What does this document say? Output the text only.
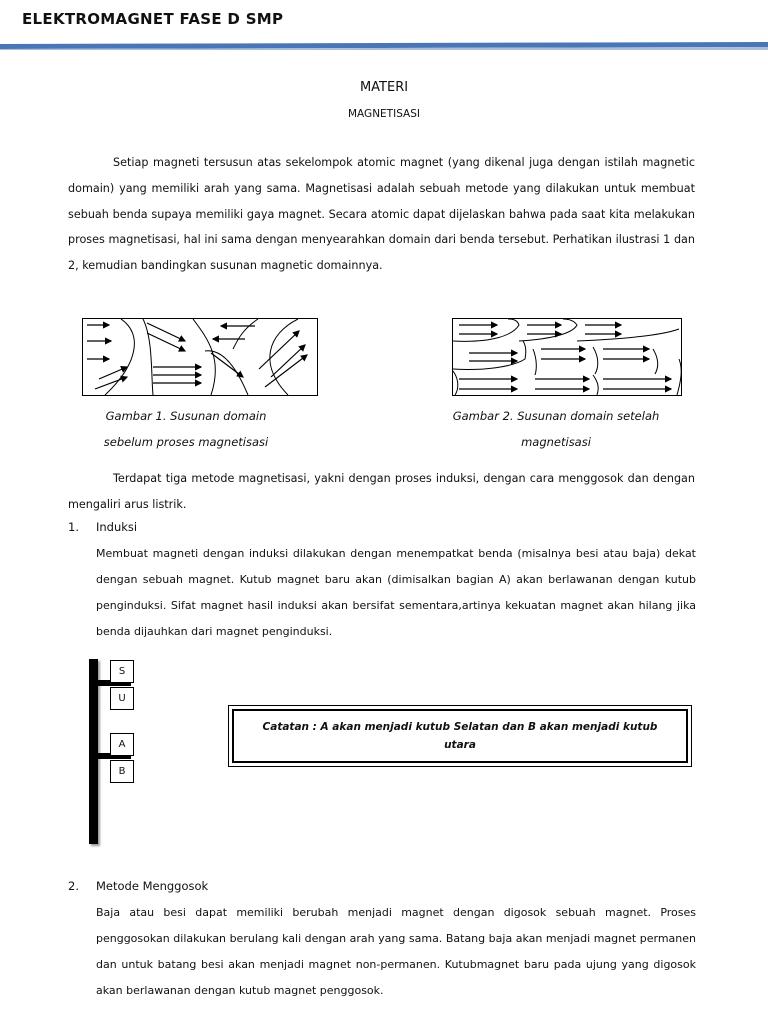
ELEKTROMAGNET FASE D SMP
MATERI
MAGNETISASI

Setiap magneti tersusun atas sekelompok atomic magnet (yang dikenal juga dengan istilah magnetic domain) yang memiliki arah yang sama. Magnetisasi adalah sebuah metode yang dilakukan untuk membuat sebuah benda supaya memiliki gaya magnet. Secara atomic dapat dijelaskan bahwa pada saat kita melakukan proses magnetisasi, hal ini sama dengan menyearahkan domain dari benda tersebut. Perhatikan ilustrasi 1 dan 2, kemudian bandingkan susunan magnetic domainnya.

Gambar 1. Susunan domain
sebelum proses magnetisasi
Gambar 2. Susunan domain setelah
magnetisasi

Terdapat tiga metode magnetisasi, yakni dengan proses induksi, dengan cara menggosok dan dengan mengaliri arus listrik.

1. Induksi

Membuat magneti dengan induksi dilakukan dengan menempatkat benda (misalnya besi atau baja) dekat dengan sebuah magnet. Kutub magnet baru akan (dimisalkan bagian A) akan berlawanan dengan kutub penginduksi. Sifat magnet hasil induksi akan bersifat sementara,artinya kekuatan magnet akan hilang jika benda dijauhkan dari magnet penginduksi.

S
U
A
B
Catatan : A akan menjadi kutub Selatan dan B akan menjadi kutub utara
2. Metode Menggosok

Baja atau besi dapat memiliki berubah menjadi magnet dengan digosok sebuah magnet. Proses penggosokan dilakukan berulang kali dengan arah yang sama. Batang baja akan menjadi magnet permanen dan untuk batang besi akan menjadi magnet non-permanen. Kutubmagnet baru pada ujung yang digosok akan berlawanan dengan kutub magnet penggosok.
